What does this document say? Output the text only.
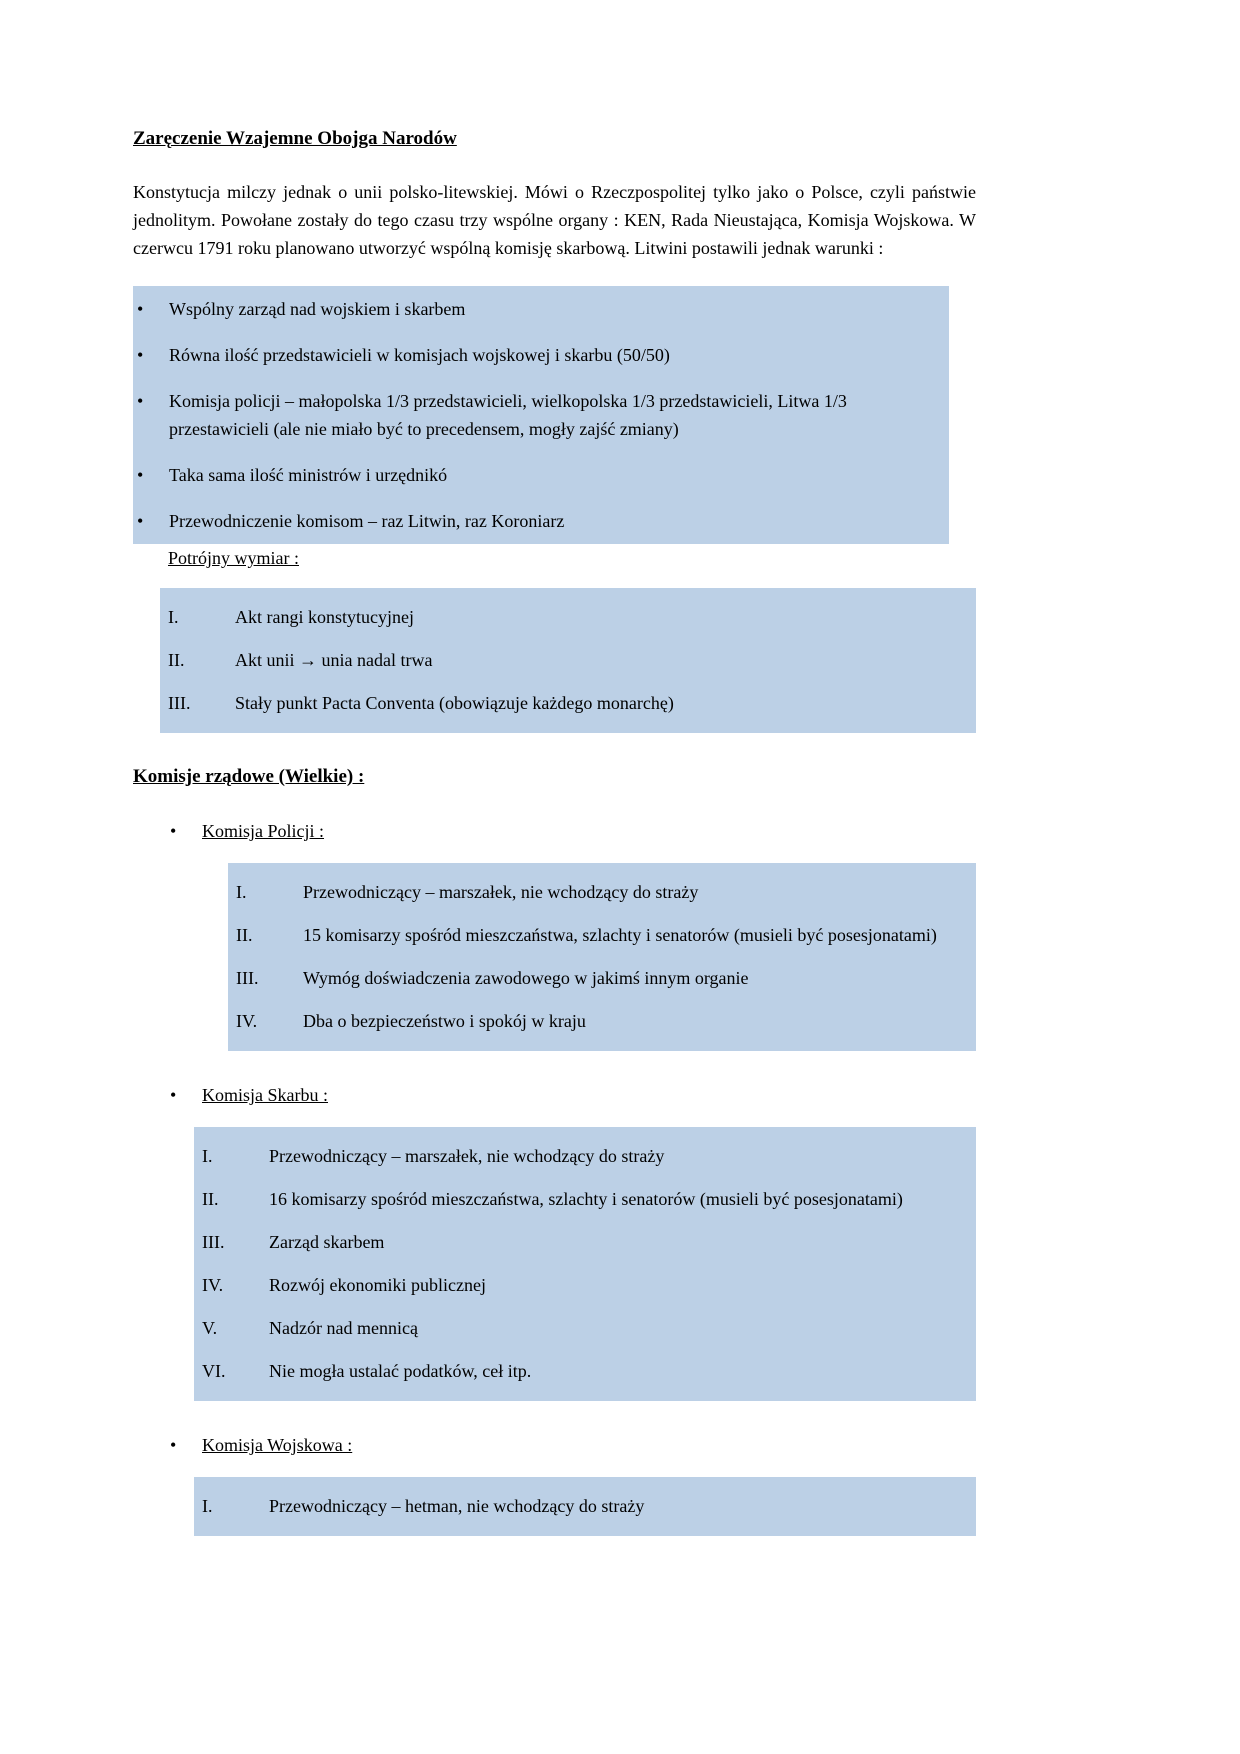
Zaręczenie Wzajemne Obojga Narodów

Konstytucja milczy jednak o unii polsko-litewskiej. Mówi o Rzeczpospolitej tylko jako o Polsce, czyli państwie jednolitym. Powołane zostały do tego czasu trzy wspólne organy : KEN, Rada Nieustająca, Komisja Wojskowa. W czerwcu 1791 roku planowano utworzyć wspólną komisję skarbową. Litwini postawili jednak warunki :

• Wspólny zarząd nad wojskiem i skarbem
• Równa ilość przedstawicieli w komisjach wojskowej i skarbu (50/50)
• Komisja policji – małopolska 1/3 przedstawicieli, wielkopolska 1/3 przedstawicieli, Litwa 1/3 przestawicieli (ale nie miało być to precedensem, mogły zajść zmiany)
• Taka sama ilość ministrów i urzędnikó
• Przewodniczenie komisom – raz Litwin, raz Koroniarz

Potrójny wymiar :

I.	Akt rangi konstytucyjnej
II.	Akt unii → unia nadal trwa
III.	Stały punkt Pacta Conventa (obowiązuje każdego monarchę)
Komisje rządowe (Wielkie) :

• Komisja Policji :

I.	Przewodniczący – marszałek, nie wchodzący do straży
II.	15 komisarzy spośród mieszczaństwa, szlachty i senatorów (musieli być posesjonatami)
III.	Wymóg doświadczenia zawodowego w jakimś innym organie
IV.	Dba o bezpieczeństwo i spokój w kraju

• Komisja Skarbu :

I.	Przewodniczący – marszałek, nie wchodzący do straży
II.	16 komisarzy spośród mieszczaństwa, szlachty i senatorów (musieli być posesjonatami)
III.	Zarząd skarbem
IV.	Rozwój ekonomiki publicznej
V.	Nadzór nad mennicą
VI.	Nie mogła ustalać podatków, ceł itp.

• Komisja Wojskowa :

I.	Przewodniczący – hetman, nie wchodzący do straży
